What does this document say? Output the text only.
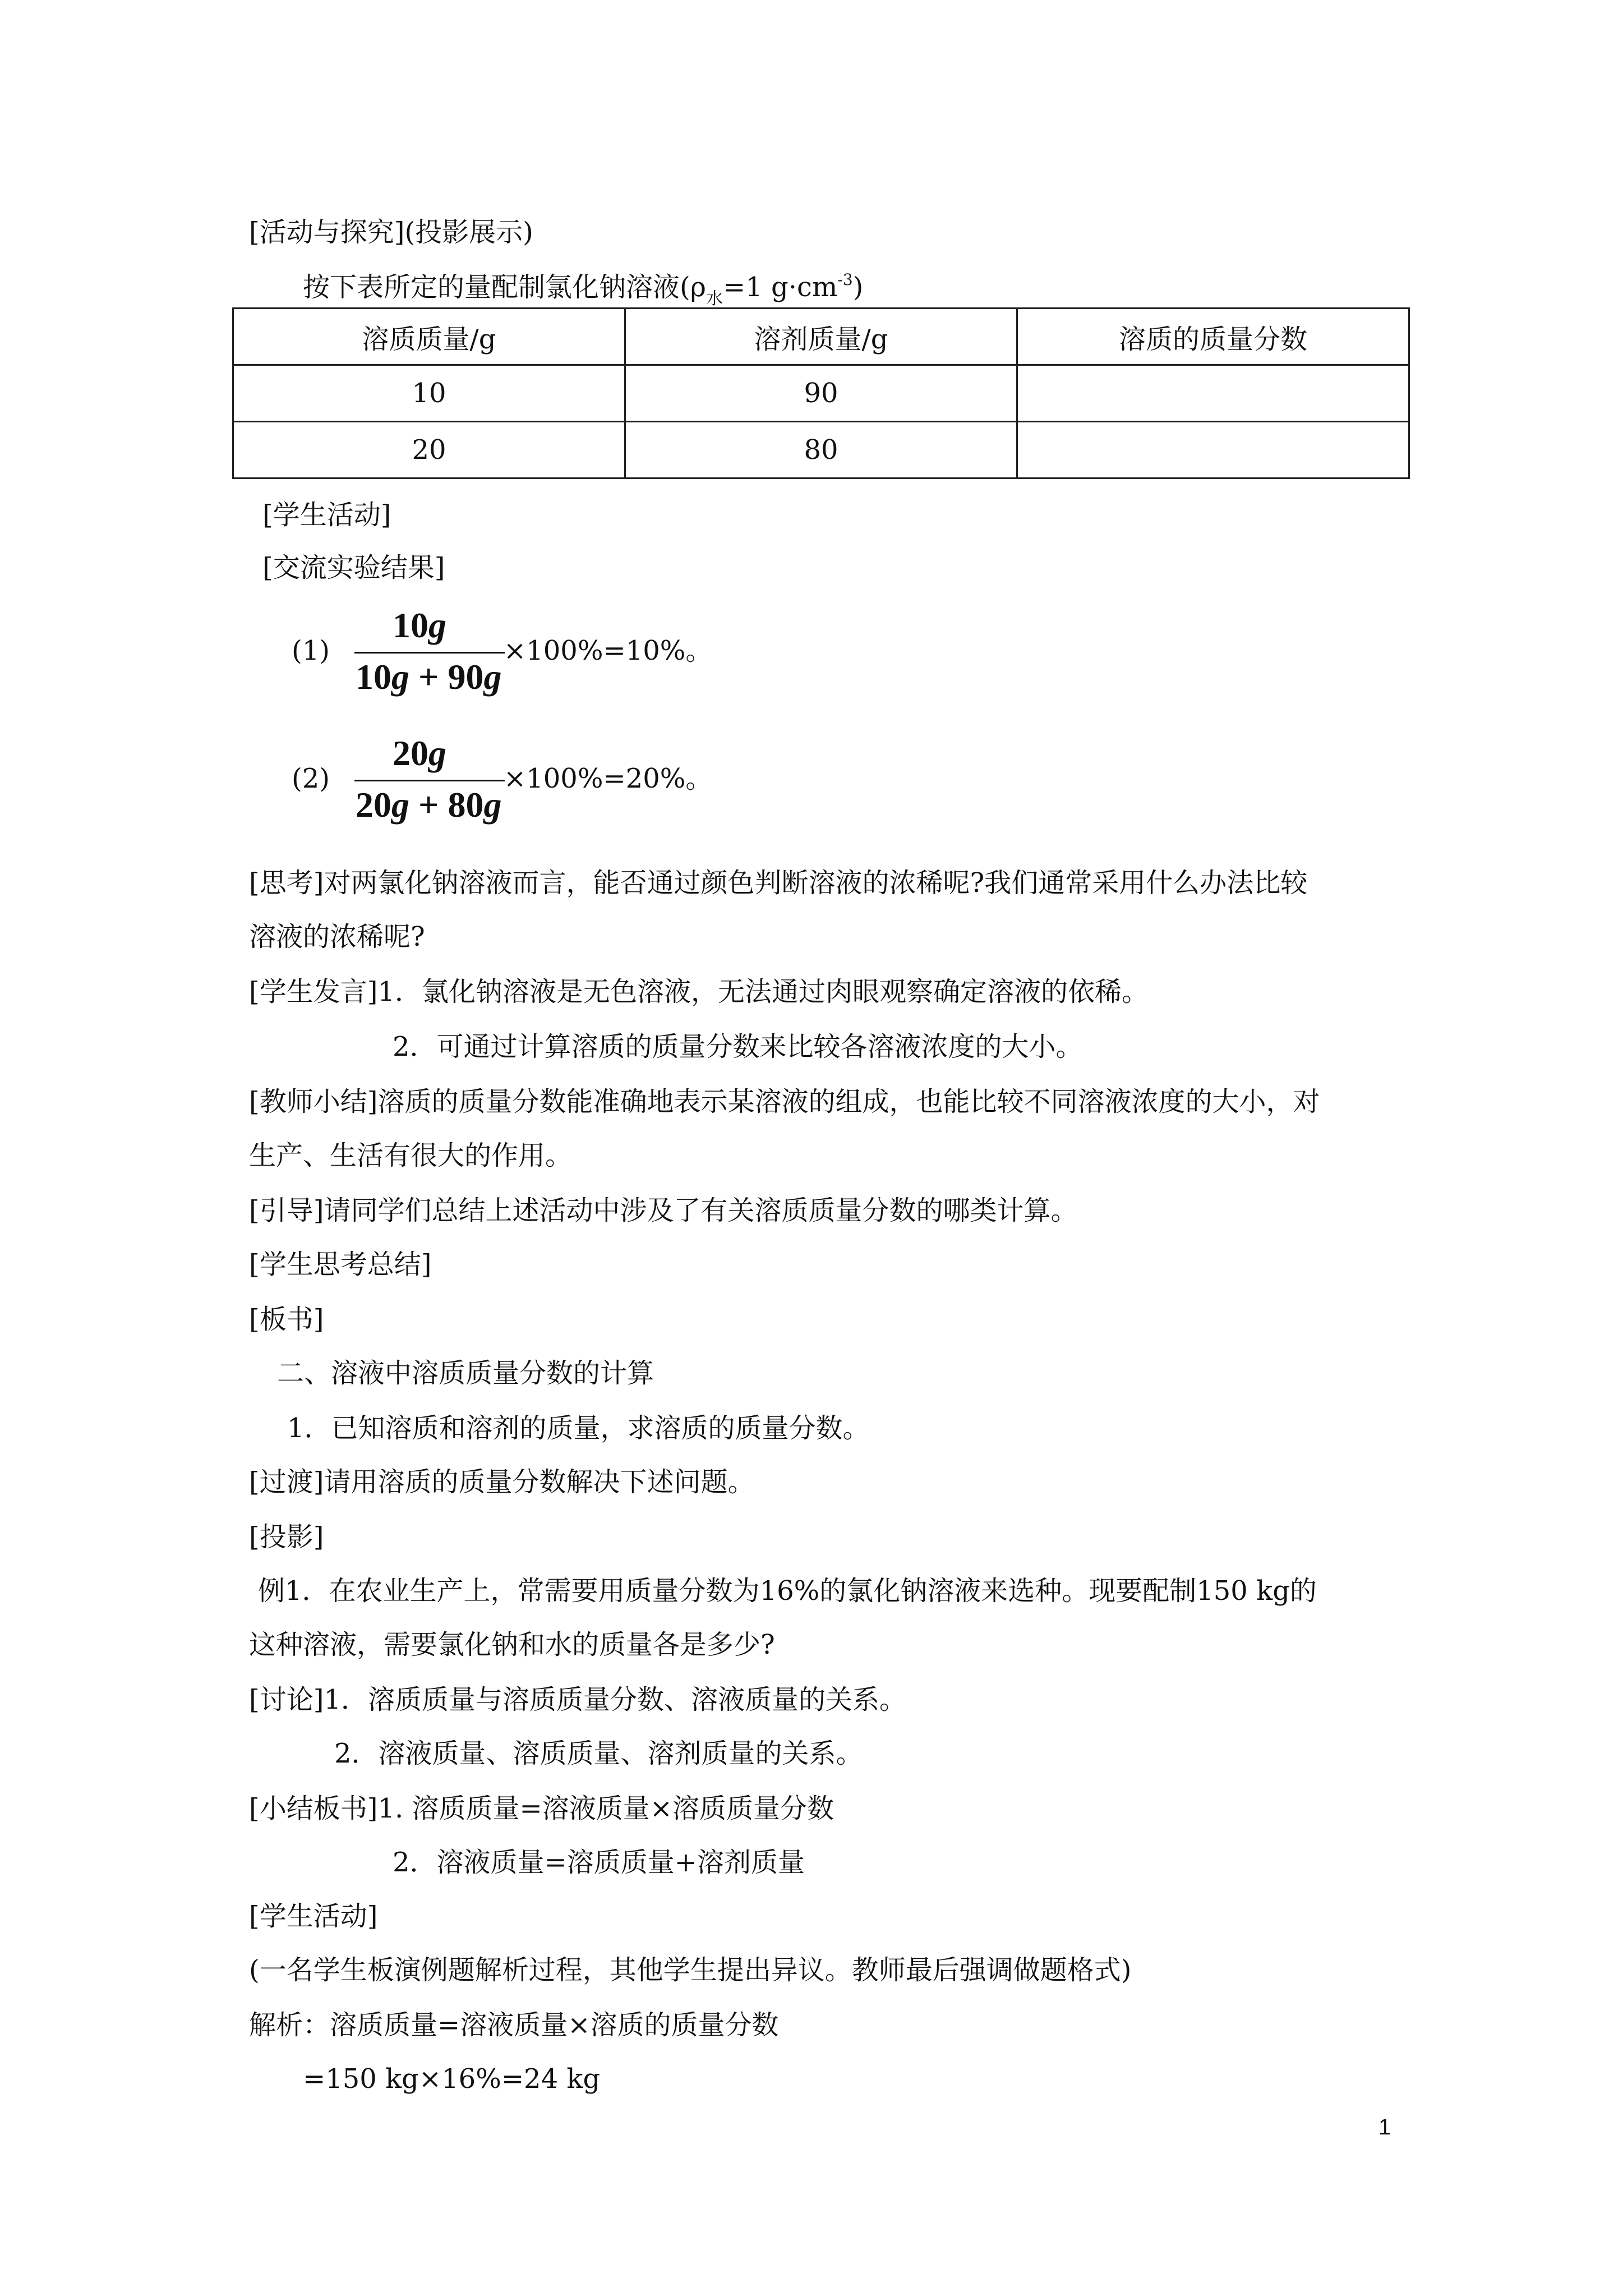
[活动与探究](投影展示)
按下表所定的量配制氯化钠溶液($\rho_水=1$ $g\cdot cm^{-3}$)
溶质质量/g	溶剂质量/g	溶质的质量分数
10	90	
20	80	
[学生活动]
[交流实验结果]
(1)
10g
10g + 90g
×100%=10%。
(2)
20g
20g + 80g
×100%=20%。
[思考]对两氯化钠溶液而言，能否通过颜色判断溶液的浓稀呢?我们通常采用什么办法比较
溶液的浓稀呢?
[学生发言]1．氯化钠溶液是无色溶液，无法通过肉眼观察确定溶液的依稀。
2．可通过计算溶质的质量分数来比较各溶液浓度的大小。
[教师小结]溶质的质量分数能准确地表示某溶液的组成，也能比较不同溶液浓度的大小，对
生产、生活有很大的作用。
[引导]请同学们总结上述活动中涉及了有关溶质质量分数的哪类计算。
[学生思考总结]
[板书]
二、溶液中溶质质量分数的计算
1．已知溶质和溶剂的质量，求溶质的质量分数。
[过渡]请用溶质的质量分数解决下述问题。
[投影]
例1．在农业生产上，常需要用质量分数为16%的氯化钠溶液来选种。现要配制150 kg的
这种溶液，需要氯化钠和水的质量各是多少?
[讨论]1．溶质质量与溶质质量分数、溶液质量的关系。
2．溶液质量、溶质质量、溶剂质量的关系。
[小结板书]1. 溶质质量=溶液质量×溶质质量分数
2．溶液质量=溶质质量+溶剂质量
[学生活动]
(一名学生板演例题解析过程，其他学生提出异议。教师最后强调做题格式)
解析：溶质质量=溶液质量×溶质的质量分数
=150 kg×16%=24 kg
1
